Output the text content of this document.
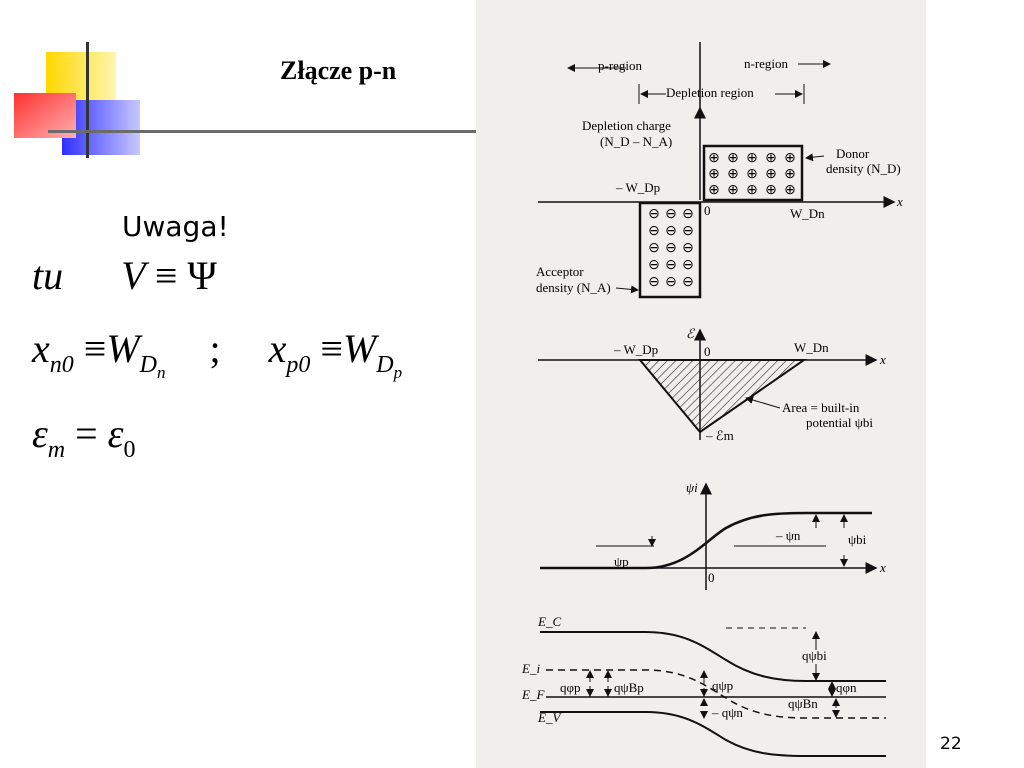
Złącze p-n
Uwaga!
tu V ≡ Ψ
$x_{n0} \equiv W_{D_n}$  ; $x_{p0} \equiv W_{D_p}$
$\varepsilon_m = \varepsilon_0$
p-region	n-region
Depletion region
Depletion charge
(N_D – N_A)
x
– W_Dp
0	W_Dn
⊕ ⊕ ⊕ ⊕ ⊕
⊕ ⊕ ⊕ ⊕ ⊕
⊕ ⊕ ⊕ ⊕ ⊕
Donor
density (N_D)
⊖ ⊖ ⊖
⊖ ⊖ ⊖
⊖ ⊖ ⊖
⊖ ⊖ ⊖
⊖ ⊖ ⊖
Acceptor
density (N_A)
ℰ
x
– W_Dp	0	W_Dn
– ℰm
Area = built-in
potential ψbi
ψi
x
0
ψp
– ψn	ψbi
E_C
qψbi
E_i
E_F
E_V
qφp	qψBp	qψp
– qψn
qψBn
qφn
22
